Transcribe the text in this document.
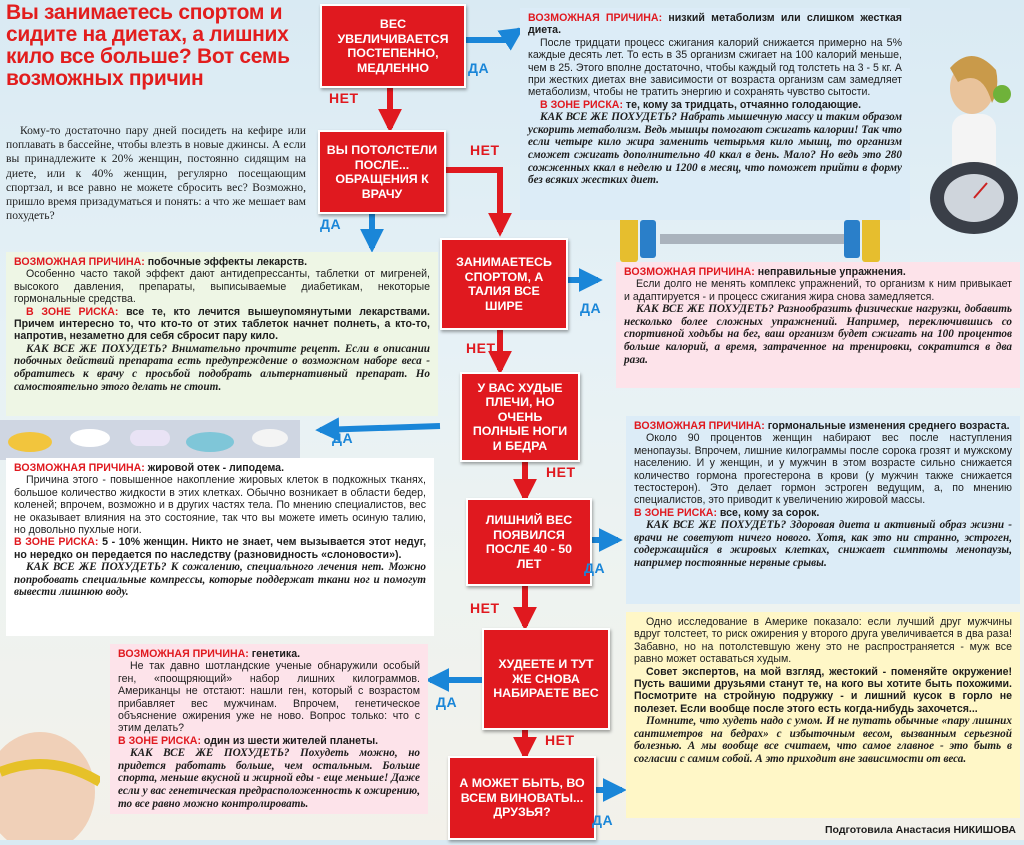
Вы занимаетесь спортом и сидите на диетах, а лишних кило все больше? Вот семь возможных причин

Кому-то достаточно пару дней посидеть на кефире или поплавать в бассейне, чтобы влезть в новые джинсы. А если вы принадлежите к 20% женщин, постоянно сидящим на диете, или к 40% женщин, регулярно посещающим спортзал, и все равно не можете сбросить вес? Возможно, пришло время призадуматься и понять: а что же мешает вам похудеть?

ВЕС УВЕЛИЧИВАЕТСЯ ПОСТЕПЕННО, МЕДЛЕННО
ВЫ ПОТОЛСТЕЛИ ПОСЛЕ... ОБРАЩЕНИЯ К ВРАЧУ
ЗАНИМАЕТЕСЬ СПОРТОМ, А ТАЛИЯ ВСЕ ШИРЕ
У ВАС ХУДЫЕ ПЛЕЧИ, НО ОЧЕНЬ ПОЛНЫЕ НОГИ И БЕДРА
ЛИШНИЙ ВЕС ПОЯВИЛСЯ ПОСЛЕ 40 - 50 ЛЕТ
ХУДЕЕТЕ И ТУТ ЖЕ СНОВА НАБИРАЕТЕ ВЕС
А МОЖЕТ БЫТЬ, ВО ВСЕМ ВИНОВАТЫ... ДРУЗЬЯ?
ДА
НЕТ
НЕТ
ДА
ДА
НЕТ
ДА
НЕТ
ДА
НЕТ
ДА
НЕТ
ДА

ВОЗМОЖНАЯ ПРИЧИНА: низкий метаболизм или слишком жесткая диета.

После тридцати процесс сжигания калорий снижается примерно на 5% каждые десять лет. То есть в 35 организм сжигает на 100 калорий меньше, чем в 25. Этого вполне достаточно, чтобы каждый год толстеть на 3 - 5 кг. А при жестких диетах вне зависимости от возраста организм сам замедляет метаболизм, чтобы не тратить энергию и сохранять чувство сытости.

В ЗОНЕ РИСКА: те, кому за тридцать, отчаянно голодающие.

КАК ВСЕ ЖЕ ПОХУДЕТЬ? Набрать мышечную массу и таким образом ускорить метаболизм. Ведь мышцы помогают сжигать калории! Так что если четыре кило жира заменить четырьмя кило мышц, то организм сможет сжигать дополнительно 40 ккал в день. Мало? Но ведь это 280 сожженных ккал в неделю и 1200 в месяц, что поможет прийти в форму без всяких жестких диет.

ВОЗМОЖНАЯ ПРИЧИНА: побочные эффекты лекарств.

Особенно часто такой эффект дают антидепрессанты, таблетки от мигреней, высокого давления, препараты, выписываемые диабетикам, некоторые гормональные средства.

В ЗОНЕ РИСКА: все те, кто лечится вышеупомянутыми лекарствами. Причем интересно то, что кто-то от этих таблеток начнет полнеть, а кто-то, напротив, незаметно для себя сбросит пару кило.

КАК ВСЕ ЖЕ ПОХУДЕТЬ? Внимательно прочтите рецепт. Если в описании побочных действий препарата есть предупреждение о возможном наборе веса - обратитесь к врачу с просьбой подобрать альтернативный препарат. Но самостоятельно этого делать не стоит.

ВОЗМОЖНАЯ ПРИЧИНА: неправильные упражнения.

Если долго не менять комплекс упражнений, то организм к ним привыкает и адаптируется - и процесс сжигания жира снова замедляется.

КАК ВСЕ ЖЕ ПОХУДЕТЬ? Разнообразить физические нагрузки, добавить несколько более сложных упражнений. Например, переключившись со спортивной ходьбы на бег, ваш организм будет сжигать на 100 процентов больше калорий, а время, затраченное на тренировки, сократится в два раза.

ВОЗМОЖНАЯ ПРИЧИНА: жировой отек - липодема.

Причина этого - повышенное накопление жировых клеток в подкожных тканях, большое количество жидкости в этих клетках. Обычно возникает в области бедер, коленей; впрочем, возможно и в других частях тела. По мнению специалистов, вес не оказывает влияния на это состояние, так что вы можете иметь осиную талию, но довольно пухлые ноги.

В ЗОНЕ РИСКА: 5 - 10% женщин. Никто не знает, чем вызывается этот недуг, но нередко он передается по наследству (разновидность «слоновости»).

КАК ВСЕ ЖЕ ПОХУДЕТЬ? К сожалению, специального лечения нет. Можно попробовать специальные компрессы, которые поддержат ткани ног и помогут вывести лишнюю воду.

ВОЗМОЖНАЯ ПРИЧИНА: гормональные изменения среднего возраста.

Около 90 процентов женщин набирают вес после наступления менопаузы. Впрочем, лишние килограммы после сорока грозят и мужскому населению. И у женщин, и у мужчин в этом возрасте сильно снижается количество гормона прогестерона в крови (у мужчин также снижается тестостерон). Это делает гормон эстроген ведущим, а, по мнению специалистов, это приводит к увеличению жировой массы.

В ЗОНЕ РИСКА: все, кому за сорок.

КАК ВСЕ ЖЕ ПОХУДЕТЬ? Здоровая диета и активный образ жизни - врачи не советуют ничего нового. Хотя, как это ни странно, эстроген, содержащийся в жировых клетках, снижает симптомы менопаузы, например постоянные нервные срывы.

ВОЗМОЖНАЯ ПРИЧИНА: генетика.

Не так давно шотландские ученые обнаружили особый ген, «поощряющий» набор лишних килограммов. Американцы не отстают: нашли ген, который с возрастом прибавляет вес мужчинам. Впрочем, генетическое объяснение ожирения уже не ново. Вопрос только: что с этим делать?

В ЗОНЕ РИСКА: один из шести жителей планеты.

КАК ВСЕ ЖЕ ПОХУДЕТЬ? Похудеть можно, но придется работать больше, чем остальным. Больше спорта, меньше вкусной и жирной еды - еще меньше! Даже если у вас генетическая предрасположенность к ожирению, то все равно можно контролировать.

Одно исследование в Америке показало: если лучший друг мужчины вдруг толстеет, то риск ожирения у второго друга увеличивается в два раза! Забавно, но на потолстевшую жену это не распространяется - муж все равно может оставаться худым.

Совет экспертов, на мой взгляд, жестокий - поменяйте окружение! Пусть вашими друзьями станут те, на кого вы хотите быть похожими. Посмотрите на стройную подружку - и лишний кусок в горло не полезет. Если вообще после этого есть когда-нибудь захочется...

Помните, что худеть надо с умом. И не путать обычные «пару лишних сантиметров на бедрах» с избыточным весом, вызванным серьезной болезнью. А мы вообще все считаем, что самое главное - это быть в согласии с самим собой. А это приходит вне зависимости от веса.

Подготовила Анастасия НИКИШОВА
